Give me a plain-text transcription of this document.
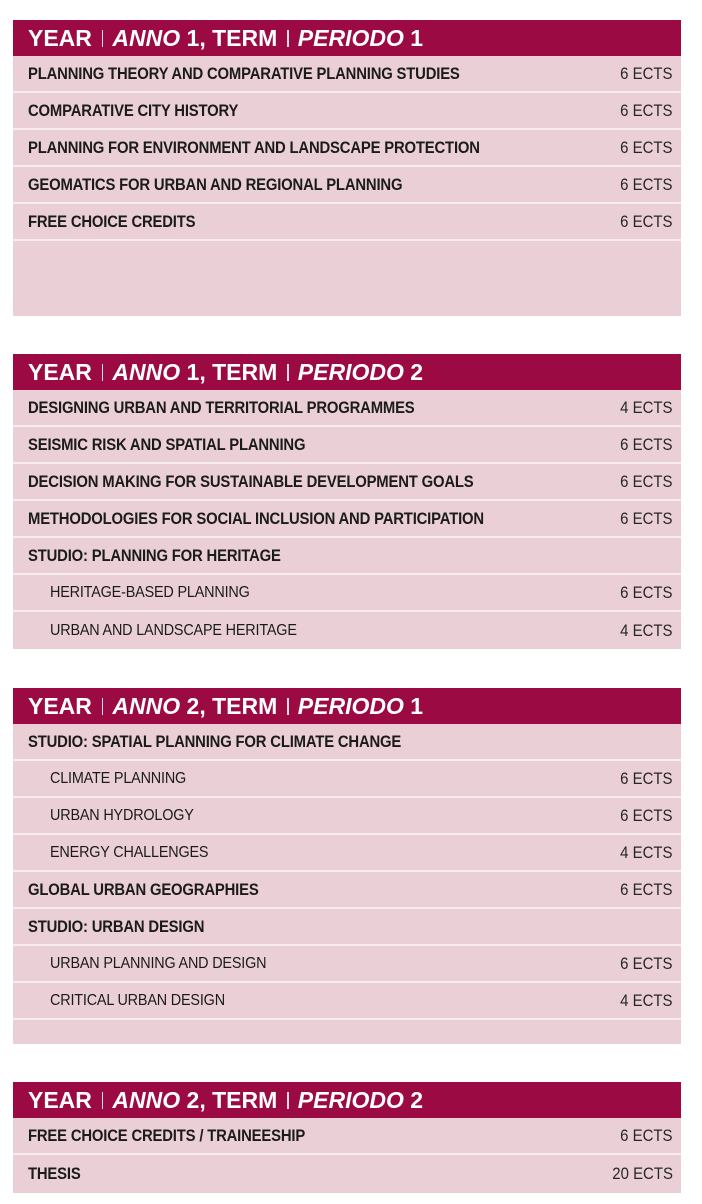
YEAR ANNO 1, TERM PERIODO 1
PLANNING THEORY AND COMPARATIVE PLANNING STUDIES	6 ECTS
COMPARATIVE CITY HISTORY	6 ECTS
PLANNING FOR ENVIRONMENT AND LANDSCAPE PROTECTION	6 ECTS
GEOMATICS FOR URBAN AND REGIONAL PLANNING	6 ECTS
FREE CHOICE CREDITS	6 ECTS
YEAR ANNO 1, TERM PERIODO 2
DESIGNING URBAN AND TERRITORIAL PROGRAMMES	4 ECTS
SEISMIC RISK AND SPATIAL PLANNING	6 ECTS
DECISION MAKING FOR SUSTAINABLE DEVELOPMENT GOALS	6 ECTS
METHODOLOGIES FOR SOCIAL INCLUSION AND PARTICIPATION	6 ECTS
STUDIO: PLANNING FOR HERITAGE
HERITAGE-BASED PLANNING	6 ECTS
URBAN AND LANDSCAPE HERITAGE	4 ECTS
YEAR ANNO 2, TERM PERIODO 1
STUDIO: SPATIAL PLANNING FOR CLIMATE CHANGE
CLIMATE PLANNING	6 ECTS
URBAN HYDROLOGY	6 ECTS
ENERGY CHALLENGES	4 ECTS
GLOBAL URBAN GEOGRAPHIES	6 ECTS
STUDIO: URBAN DESIGN
URBAN PLANNING AND DESIGN	6 ECTS
CRITICAL URBAN DESIGN	4 ECTS
YEAR ANNO 2, TERM PERIODO 2
FREE CHOICE CREDITS / TRAINEESHIP	6 ECTS
THESIS	20 ECTS
